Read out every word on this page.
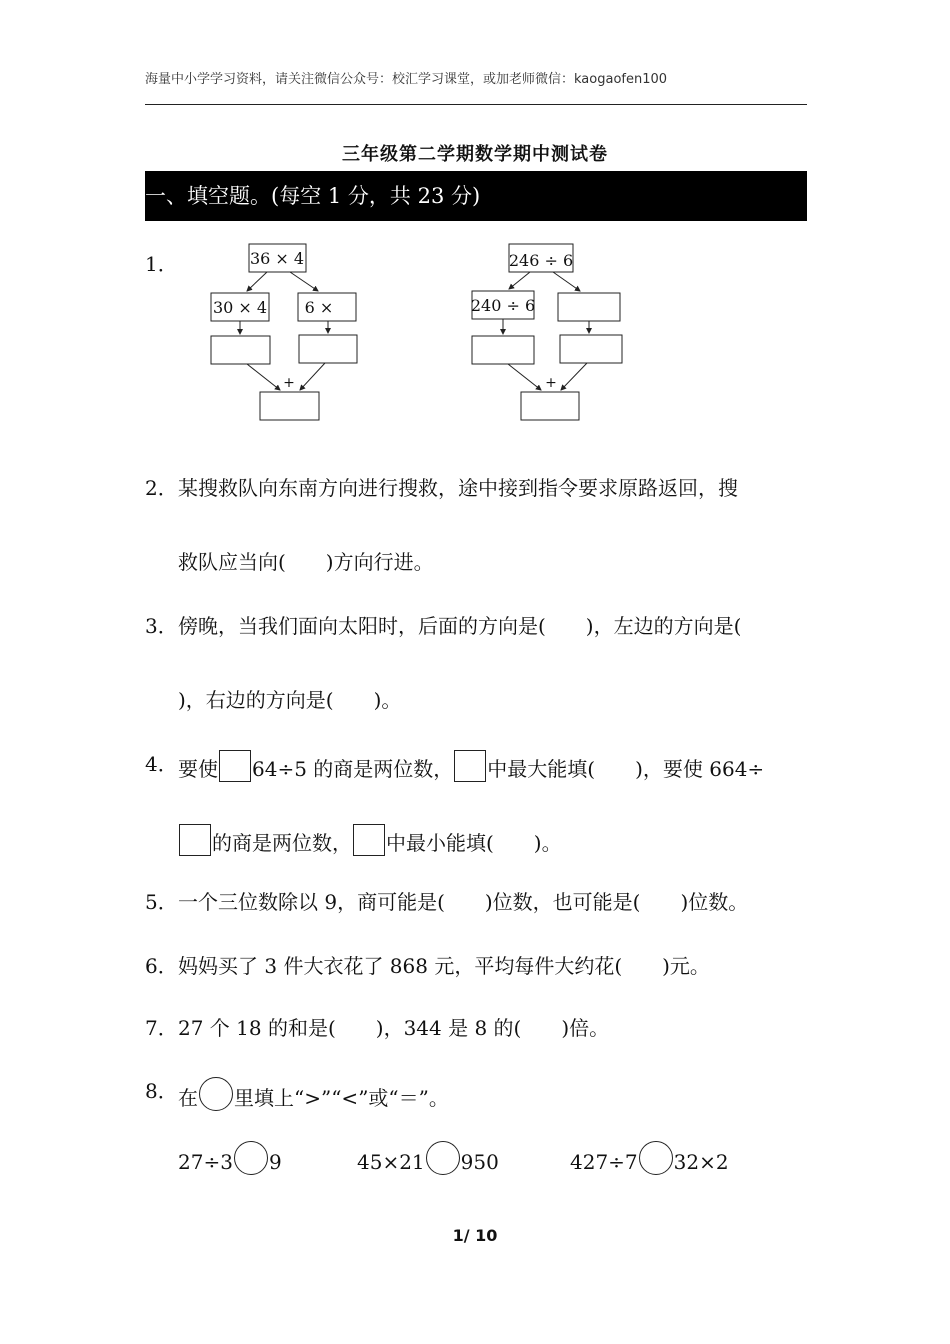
海量中小学学习资料，请关注微信公众号：校汇学习课堂，或加老师微信：kaogaofen100
三年级第二学期数学期中测试卷
一、填空题。(每空 1 分，共 23 分)
1．	36 × 4
30 × 4 6 ×
+
246 ÷ 6
240 ÷ 6
+
2． 某搜救队向东南方向进行搜救，途中接到指令要求原路返回，搜
救队应当向(　　)方向行进。
3． 傍晚，当我们面向太阳时，后面的方向是(　　)，左边的方向是(
)，右边的方向是(　　)。
4． 要使 64÷5 的商是两位数， 中最大能填(　　)，要使 664÷
的商是两位数， 中最小能填(　　)。
5． 一个三位数除以 9，商可能是(　　)位数，也可能是(　　)位数。
6． 妈妈买了 3 件大衣花了 868 元，平均每件大约花(　　)元。
7． 27 个 18 的和是(　　)，344 是 8 的(　　)倍。
8． 在 里填上“>”“<”或“＝”。
27÷3 9	45×21 950	427÷7 32×2
1/ 10
